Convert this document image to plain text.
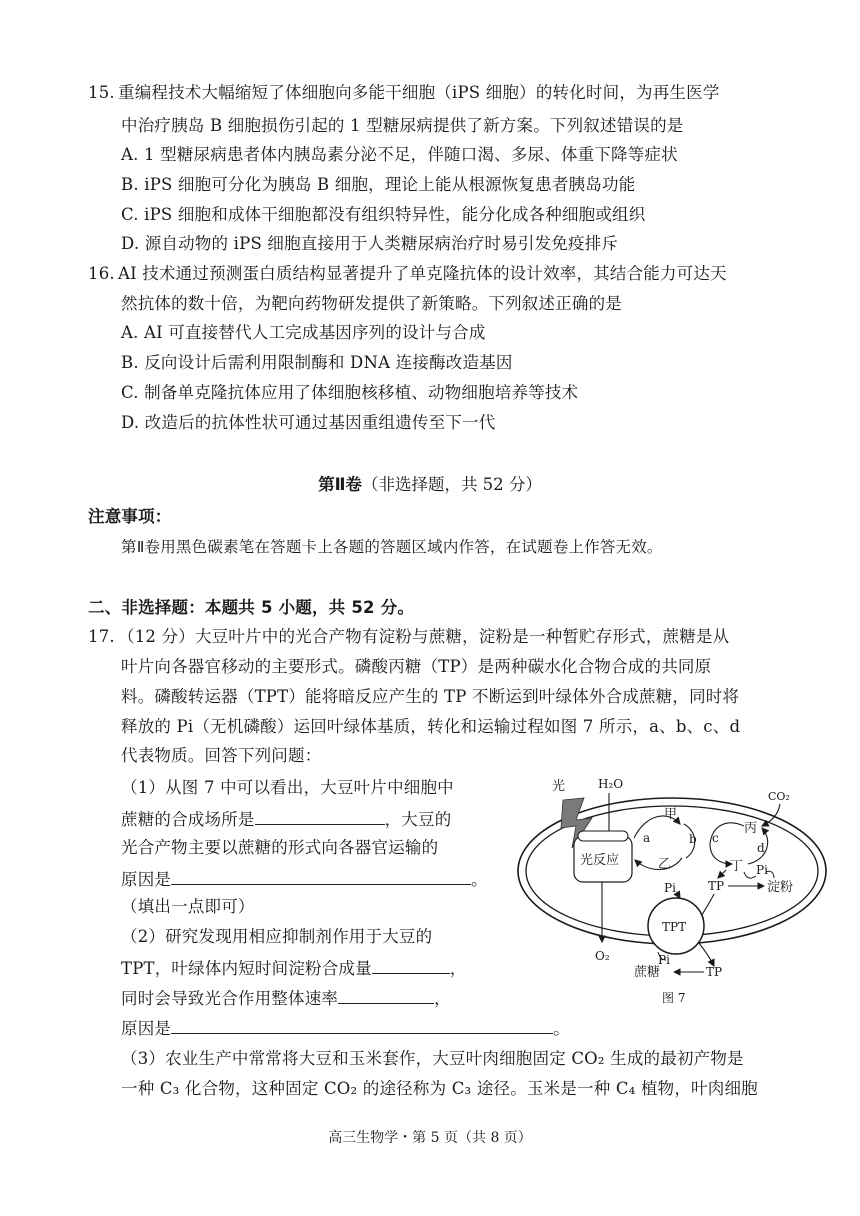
15. 重编程技术大幅缩短了体细胞向多能干细胞（iPS 细胞）的转化时间，为再生医学
中治疗胰岛 B 细胞损伤引起的 1 型糖尿病提供了新方案。下列叙述错误的是
A. 1 型糖尿病患者体内胰岛素分泌不足，伴随口渴、多尿、体重下降等症状
B. iPS 细胞可分化为胰岛 B 细胞，理论上能从根源恢复患者胰岛功能
C. iPS 细胞和成体干细胞都没有组织特异性，能分化成各种细胞或组织
D. 源自动物的 iPS 细胞直接用于人类糖尿病治疗时易引发免疫排斥
16. AI 技术通过预测蛋白质结构显著提升了单克隆抗体的设计效率，其结合能力可达天
然抗体的数十倍，为靶向药物研发提供了新策略。下列叙述正确的是
A. AI 可直接替代人工完成基因序列的设计与合成
B. 反向设计后需利用限制酶和 DNA 连接酶改造基因
C. 制备单克隆抗体应用了体细胞核移植、动物细胞培养等技术
D. 改造后的抗体性状可通过基因重组遗传至下一代
第Ⅱ卷（非选择题，共 52 分）
注意事项：
第Ⅱ卷用黑色碳素笔在答题卡上各题的答题区域内作答，在试题卷上作答无效。
二、非选择题：本题共 5 小题，共 52 分。
17. （12 分）大豆叶片中的光合产物有淀粉与蔗糖，淀粉是一种暂贮存形式，蔗糖是从
叶片向各器官移动的主要形式。磷酸丙糖（TP）是两种碳水化合物合成的共同原
料。磷酸转运器（TPT）能将暗反应产生的 TP 不断运到叶绿体外合成蔗糖，同时将
释放的 Pi（无机磷酸）运回叶绿体基质，转化和运输过程如图 7 所示，a、b、c、d
代表物质。回答下列问题：
（1）从图 7 中可以看出，大豆叶片中细胞中
蔗糖的合成场所是	，大豆的
光合产物主要以蔗糖的形式向各器官运输的
原因是	。
（填出一点即可）
（2）研究发现用相应抑制剂作用于大豆的
TPT，叶绿体内短时间淀粉合成量	，
同时会导致光合作用整体速率	，
原因是	。
（3）农业生产中常常将大豆和玉米套作，大豆叶肉细胞固定 CO₂ 生成的最初产物是
一种 C₃ 化合物，这种固定 CO₂ 的途径称为 C₃ 途径。玉米是一种 C₄ 植物，叶肉细胞
光	H₂O
光反应
O₂
甲
乙
a	b
丙
丁
c
d
CO₂
Pi
TP	淀粉
Pi
TPT
Pi
蔗糖	TP
图 7
高三生物学・第 5 页（共 8 页）
